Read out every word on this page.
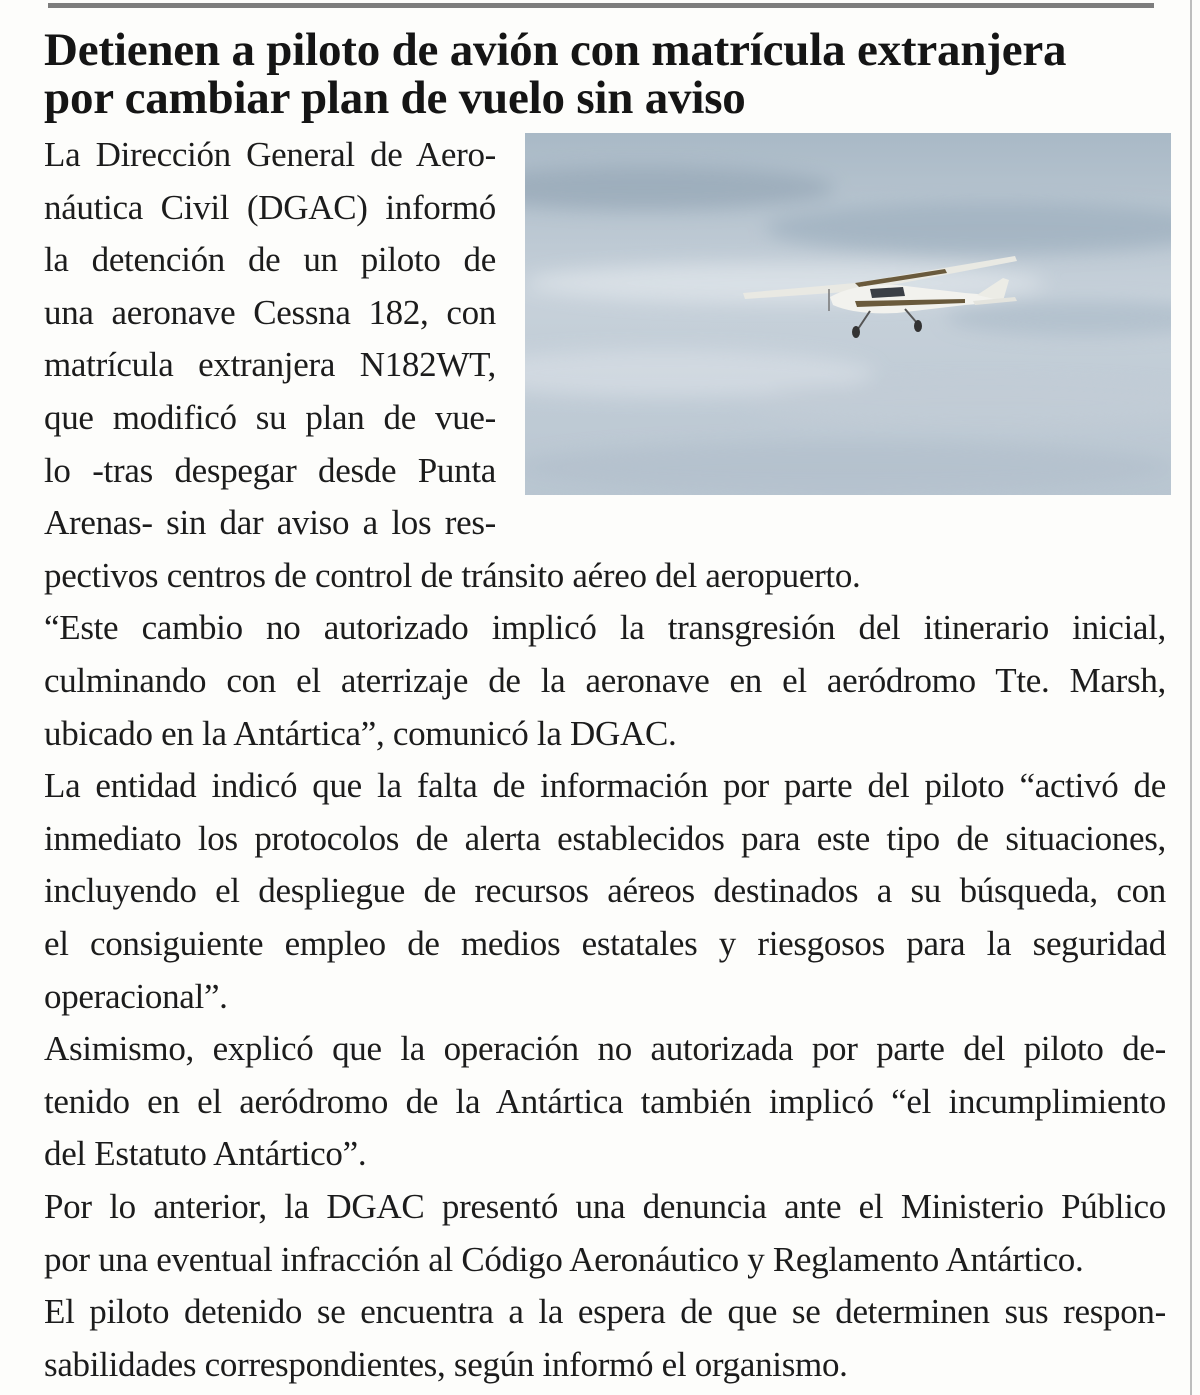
Detienen a piloto de avión con matrícula extranjera
por cambiar plan de vuelo sin aviso

La Dirección General de Aero-

náutica Civil (DGAC) informó

la detención de un piloto de

una aeronave Cessna 182, con

matrícula extranjera N182WT,

que modificó su plan de vue-

lo -tras despegar desde Punta

Arenas- sin dar aviso a los res-

pectivos centros de control de tránsito aéreo del aeropuerto.

“Este cambio no autorizado implicó la transgresión del itinerario inicial,

culminando con el aterrizaje de la aeronave en el aeródromo Tte. Marsh,

ubicado en la Antártica”, comunicó la DGAC.

La entidad indicó que la falta de información por parte del piloto “activó de

inmediato los protocolos de alerta establecidos para este tipo de situaciones,

incluyendo el despliegue de recursos aéreos destinados a su búsqueda, con

el consiguiente empleo de medios estatales y riesgosos para la seguridad

operacional”.

Asimismo, explicó que la operación no autorizada por parte del piloto de-

tenido en el aeródromo de la Antártica también implicó “el incumplimiento

del Estatuto Antártico”.

Por lo anterior, la DGAC presentó una denuncia ante el Ministerio Público

por una eventual infracción al Código Aeronáutico y Reglamento Antártico.

El piloto detenido se encuentra a la espera de que se determinen sus respon-

sabilidades correspondientes, según informó el organismo.
